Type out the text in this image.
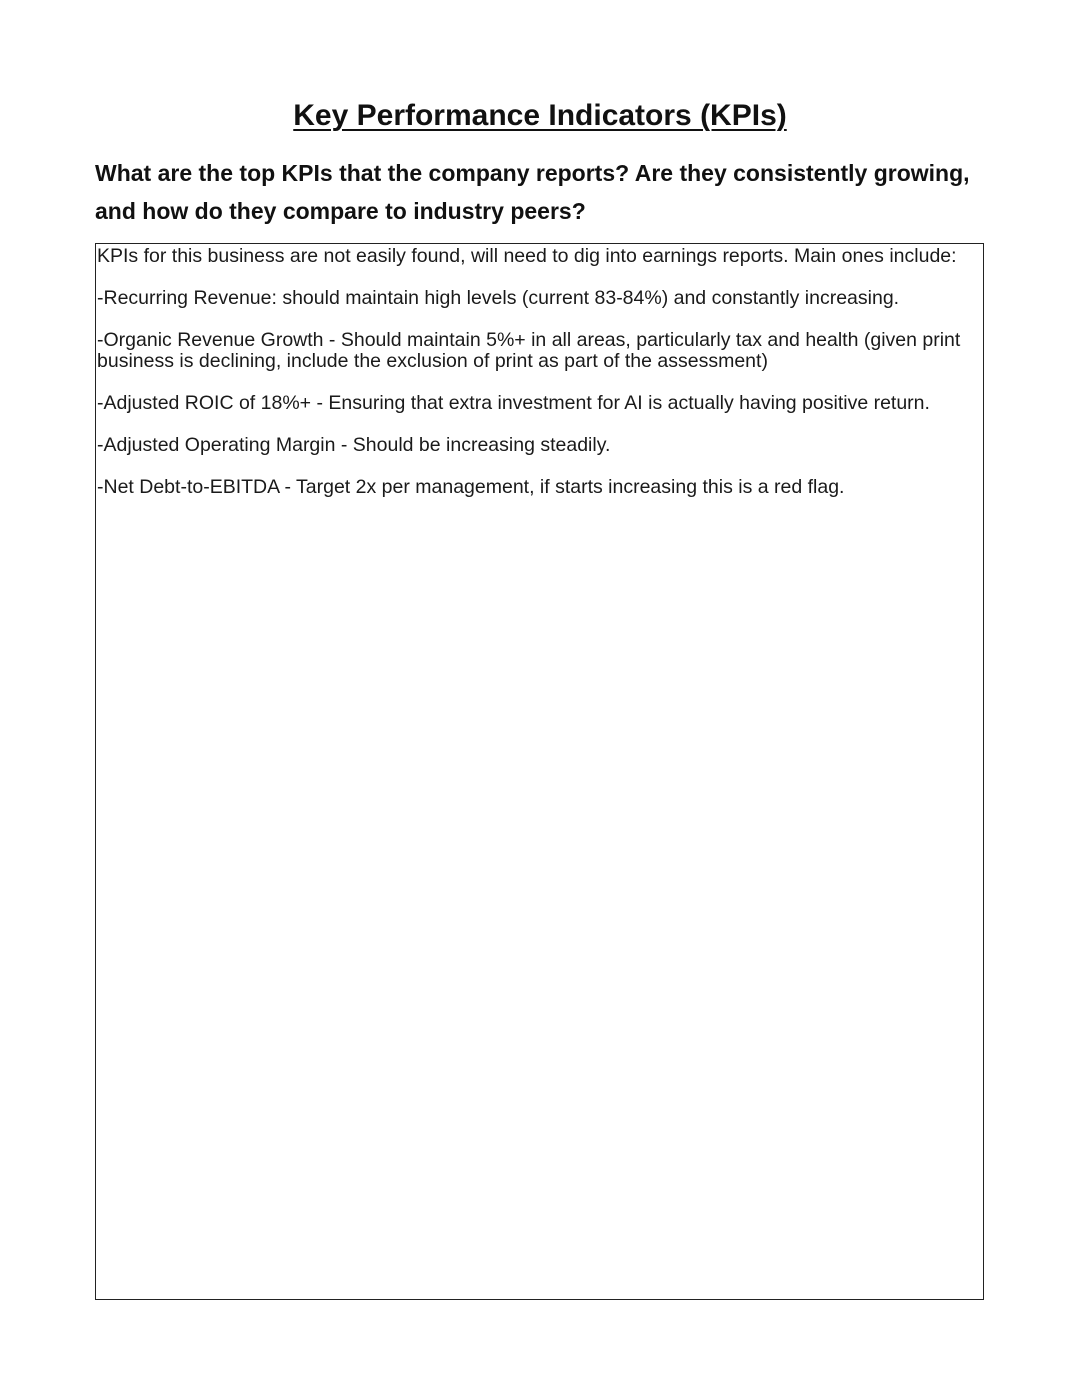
Key Performance Indicators (KPIs)
What are the top KPIs that the company reports? Are they consistently growing, and how do they compare to industry peers?

KPIs for this business are not easily found, will need to dig into earnings reports. Main ones include:

-Recurring Revenue: should maintain high levels (current 83-84%) and constantly increasing.

-Organic Revenue Growth - Should maintain 5%+ in all areas, particularly tax and health (given print business is declining, include the exclusion of print as part of the assessment)

-Adjusted ROIC of 18%+ - Ensuring that extra investment for AI is actually having positive return.

-Adjusted Operating Margin - Should be increasing steadily.

-Net Debt-to-EBITDA - Target 2x per management, if starts increasing this is a red flag.
